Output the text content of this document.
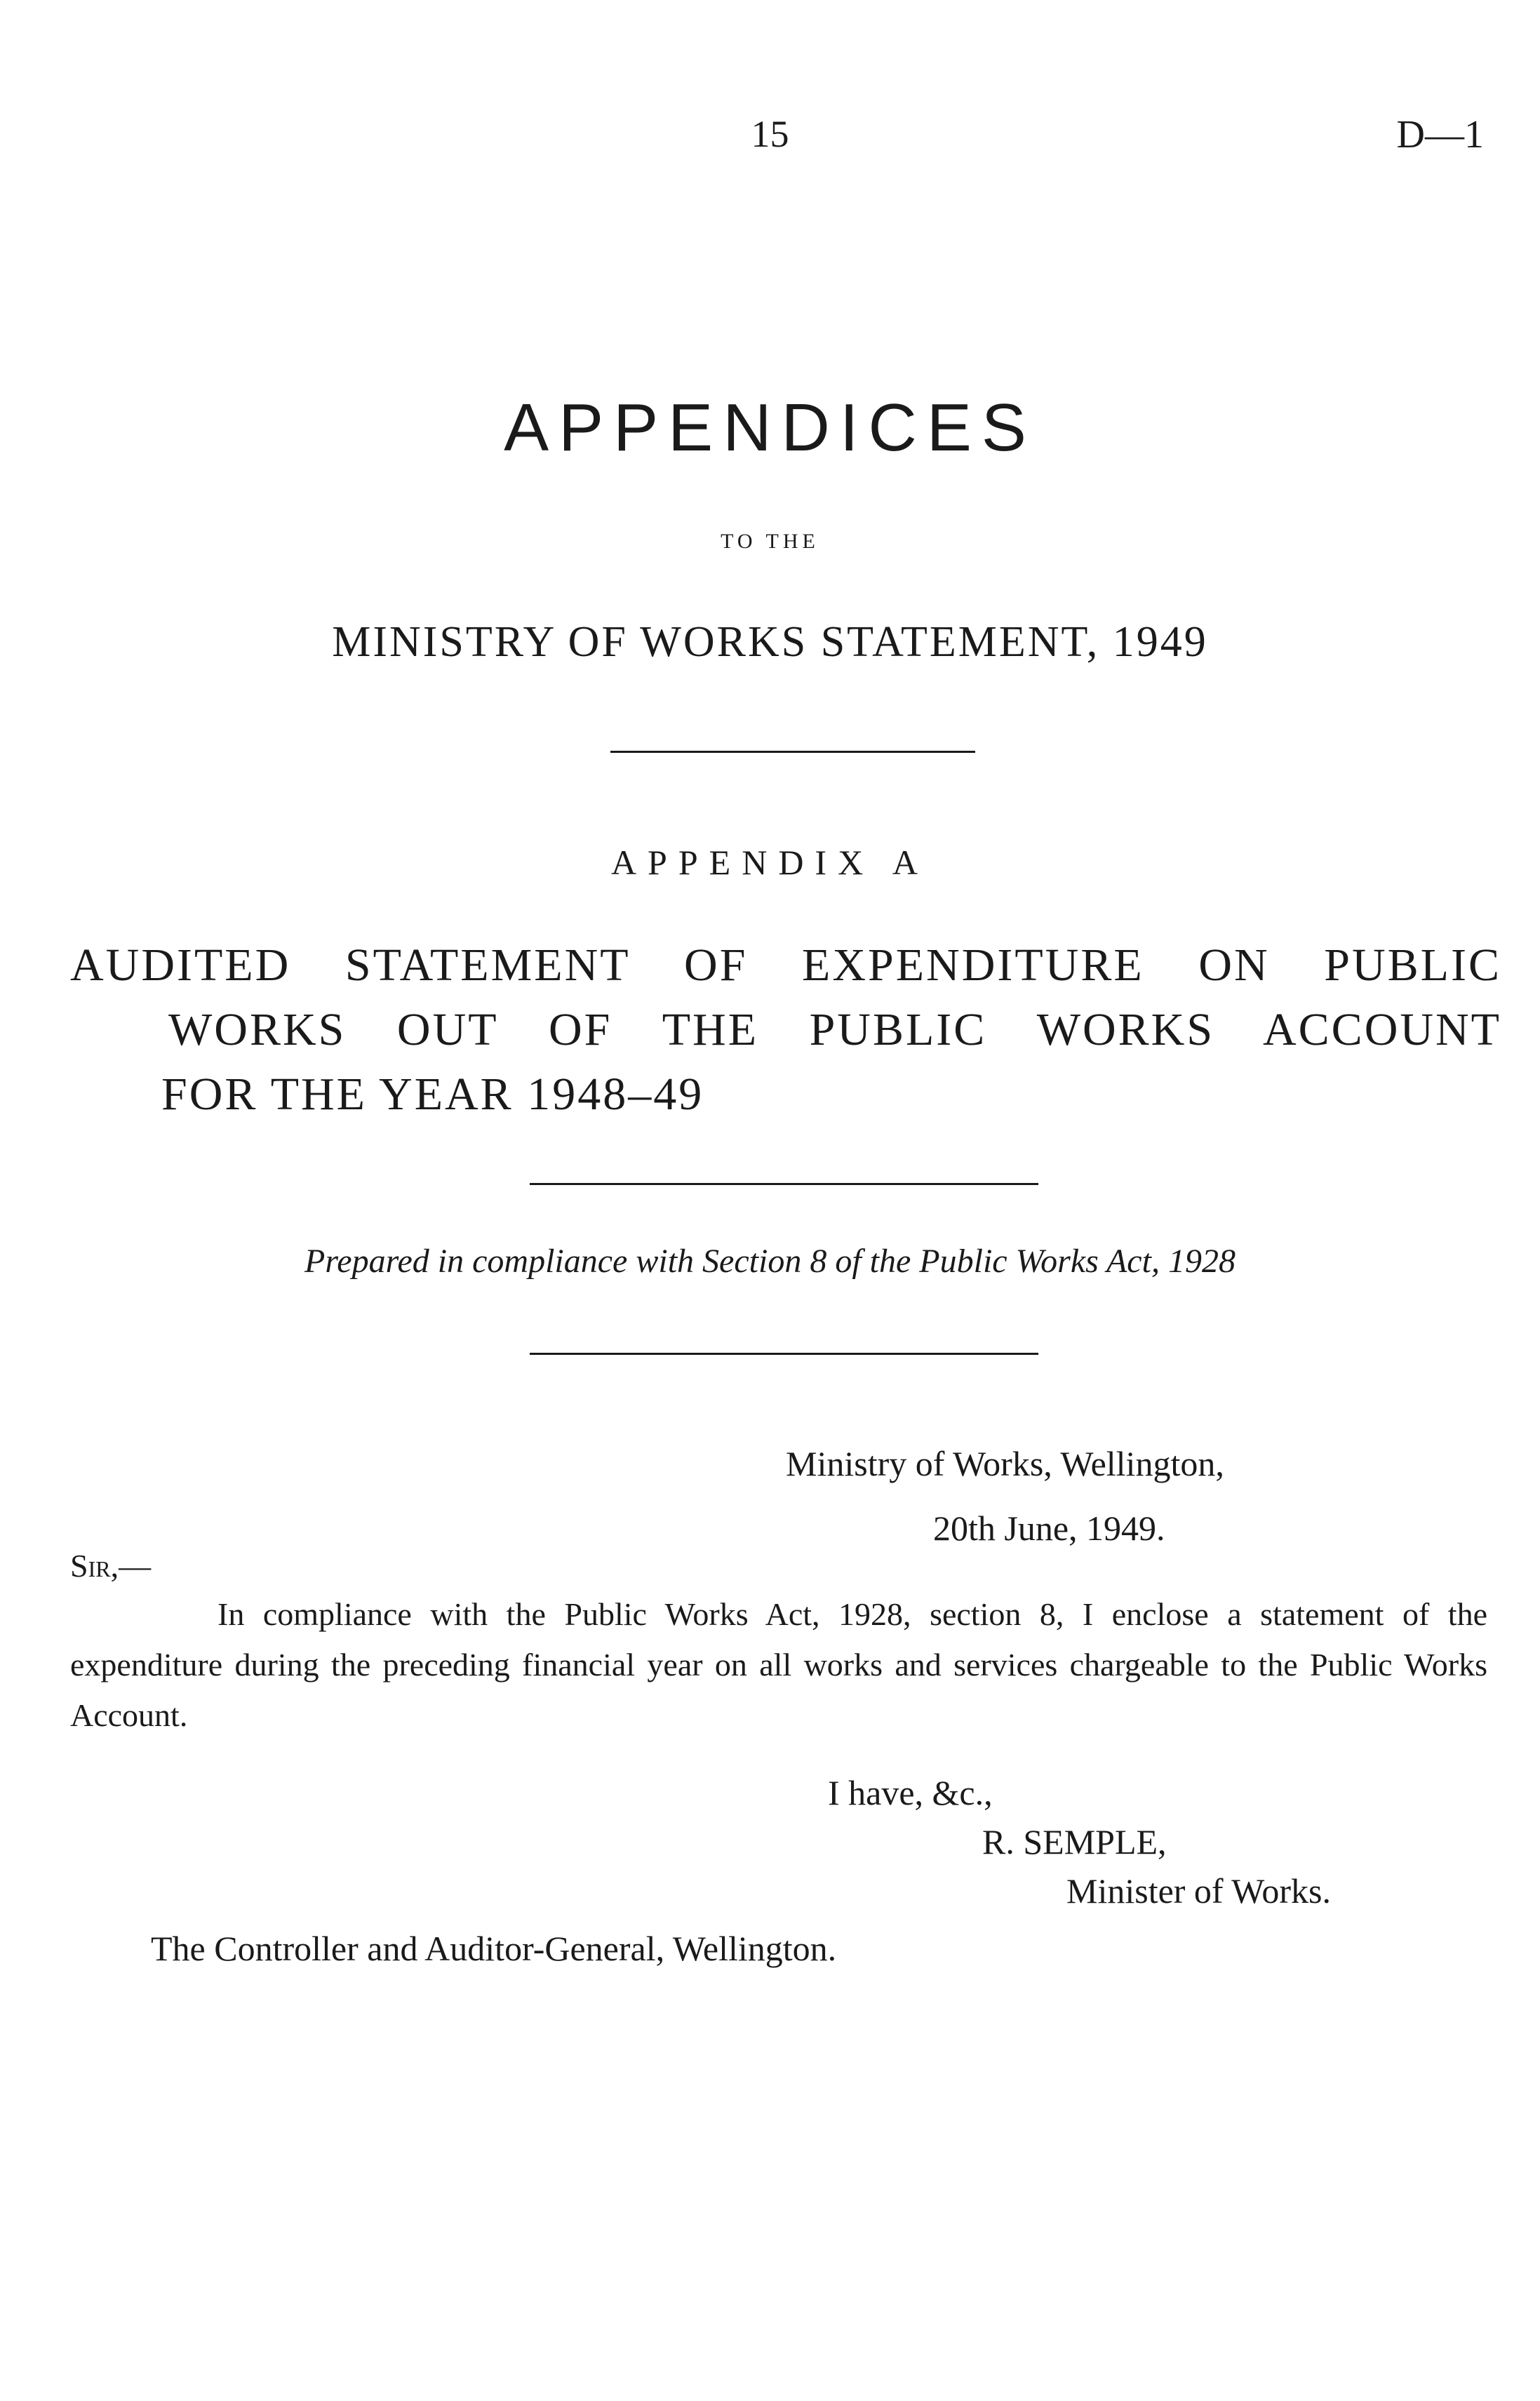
15	D—1
APPENDICES
TO THE
MINISTRY OF WORKS STATEMENT, 1949
APPENDIX A
AUDITED STATEMENT OF EXPENDITURE ON PUBLIC
WORKS OUT OF THE PUBLIC WORKS ACCOUNT
FOR THE YEAR 1948–49
Prepared in compliance with Section 8 of the Public Works Act, 1928
Ministry of Works, Wellington,
20th June, 1949.
Sir,—
In compliance with the Public Works Act, 1928, section 8, I enclose a statement of the expenditure during the preceding financial year on all works and services chargeable to the Public Works Account.
I have, &c.,
R. SEMPLE,
Minister of Works.
The Controller and Auditor-General, Wellington.
